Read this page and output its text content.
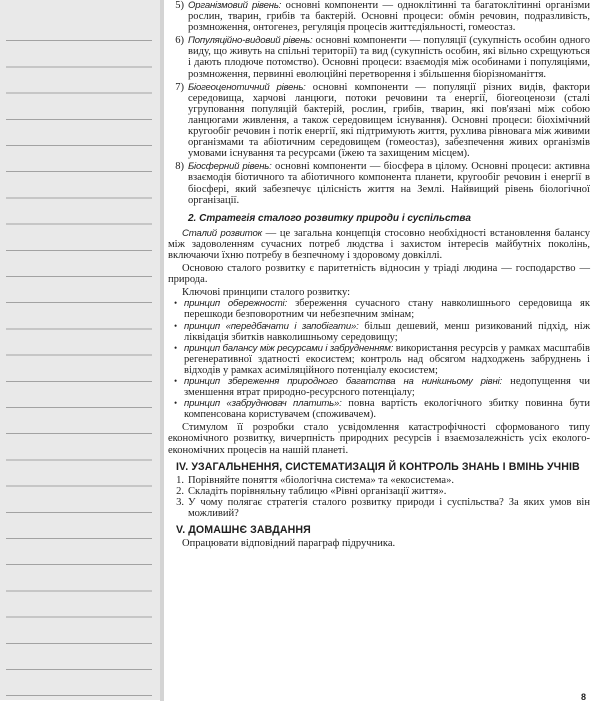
5) Організмовий рівень: основні компоненти — одноклітинні та багатоклітинні організми рослин, тварин, грибів та бактерій. Основні процеси: обмін речовин, подразливість, розмноження, онтогенез, регуляція процесів життєдіяльності, гомеостаз.
6) Популяційно-видовий рівень: основні компоненти — популяції (сукупність особин одного виду, що живуть на спільні території) та вид (сукупність особин, які вільно схрещуються і дають плодюче потомство). Основні процеси: взаємодія між особинами і популяціями, розмноження, первинні еволюційні перетворення і збільшення біорізноманіття.
7) Біогеоценотичний рівень: основні компоненти — популяції різних видів, фактори середовища, харчові ланцюги, потоки речовини та енергії, біогеоценози (сталі угруповання популяцій бактерій, рослин, грибів, тварин, які пов'язані між собою ланцюгами живлення, а також середовищем існування). Основні процеси: біохімічний кругообіг речовин і потік енергії, які підтримують життя, рухлива рівновага між живими організмами та абіотичним середовищем (гомеостаз), забезпечення живих організмів умовами існування та ресурсами (їжею та захищеним місцем).
8) Біосферний рівень: основні компоненти — біосфера в цілому. Основні процеси: активна взаємодія біотичного та абіотичного компонента планети, кругообіг речовин і енергії в біосфері, який забезпечує цілісність життя на Землі. Найвищий рівень біологічної організації.
2. Стратегія сталого розвитку природи і суспільства

Сталий розвиток — це загальна концепція стосовно необхідності встановлення балансу між задоволенням сучасних потреб людства і захистом інтересів майбутніх поколінь, включаючи їхню потребу в безпечному і здоровому довкіллі.

Основою сталого розвитку є паритетність відносин у тріаді людина — господарство — природа.

Ключові принципи сталого розвитку:

• принцип обережності: збереження сучасного стану навколишнього середовища як перешкоди безповоротним чи небезпечним змінам;
• принцип «передбачати і запобігати»: більш дешевий, менш ризикований підхід, ніж ліквідація збитків навколишньому середовищу;
• принцип балансу між ресурсами і забрудненням: використання ресурсів у рамках масштабів регенеративної здатності екосистем; контроль над обсягом надходжень забруднень і відходів у рамках асиміляційного потенціалу екосистем;
• принцип збереження природного багатства на нинішньому рівні: недопущення чи зменшення втрат природно-ресурсного потенціалу;
• принцип «забруднювач платить»: повна вартість екологічного збитку повинна бути компенсована користувачем (споживачем).

Стимулом її розробки стало усвідомлення катастрофічності сформованого типу економічного розвитку, вичерпність природних ресурсів і взаємозалежність усіх еколого-економічних процесів на нашій планеті.

IV. УЗАГАЛЬНЕННЯ, СИСТЕМАТИЗАЦІЯ Й КОНТРОЛЬ ЗНАНЬ І ВМІНЬ УЧНІВ
1. Порівняйте поняття «біологічна система» та «екосистема».
2. Складіть порівняльну таблицю «Рівні організації життя».
3. У чому полягає стратегія сталого розвитку природи і суспільства? За яких умов він можливий?
V. ДОМАШНЄ ЗАВДАННЯ

Опрацювати відповідний параграф підручника.

8
